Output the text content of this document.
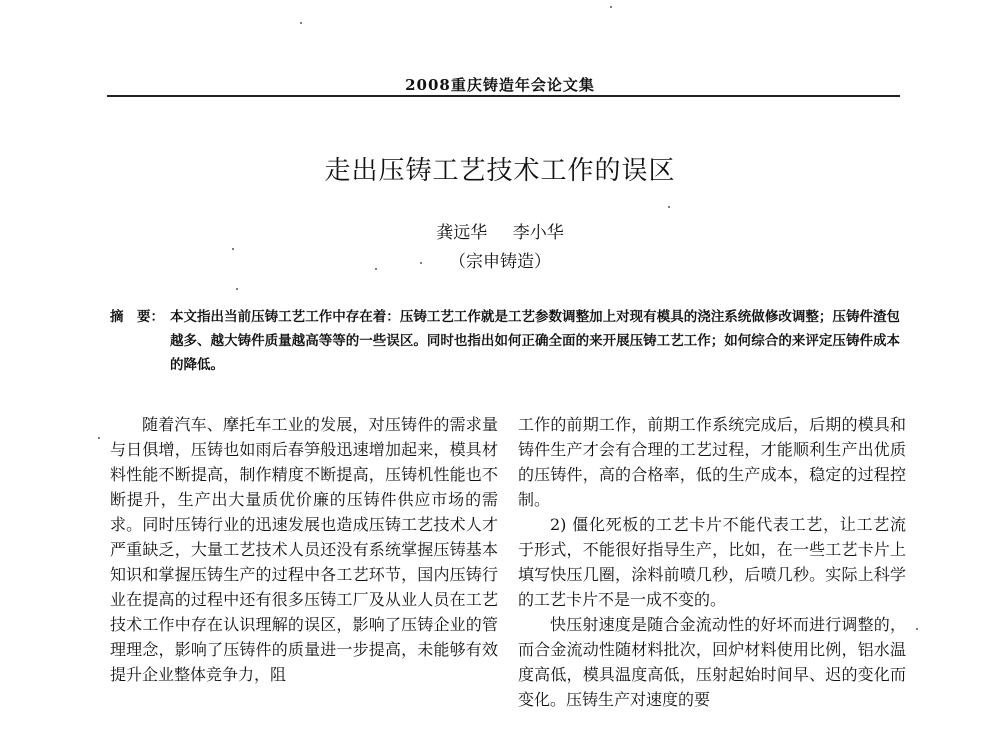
2008重庆铸造年会论文集
走出压铸工艺技术工作的误区
龚远华 李小华
（宗申铸造）
摘　要： 本文指出当前压铸工艺工作中存在着：压铸工艺工作就是工艺参数调整加上对现有模具的浇注系统做修改调整；压铸件渣包越多、越大铸件质量越高等等的一些误区。同时也指出如何正确全面的来开展压铸工艺工作；如何综合的来评定压铸件成本的降低。

随着汽车、摩托车工业的发展，对压铸件的需求量与日俱增，压铸也如雨后春笋般迅速增加起来，模具材料性能不断提高，制作精度不断提高，压铸机性能也不断提升，生产出大量质优价廉的压铸件供应市场的需求。同时压铸行业的迅速发展也造成压铸工艺技术人才严重缺乏，大量工艺技术人员还没有系统掌握压铸基本知识和掌握压铸生产的过程中各工艺环节，国内压铸行业在提高的过程中还有很多压铸工厂及从业人员在工艺技术工作中存在认识理解的误区，影响了压铸企业的管理理念，影响了压铸件的质量进一步提高，未能够有效提升企业整体竞争力，阻

工作的前期工作，前期工作系统完成后，后期的模具和铸件生产才会有合理的工艺过程，才能顺利生产出优质的压铸件，高的合格率，低的生产成本，稳定的过程控制。

2) 僵化死板的工艺卡片不能代表工艺，让工艺流于形式，不能很好指导生产，比如，在一些工艺卡片上填写快压几圈，涂料前喷几秒，后喷几秒。实际上科学的工艺卡片不是一成不变的。

快压射速度是随合金流动性的好坏而进行调整的，而合金流动性随材料批次，回炉材料使用比例，铝水温度高低，模具温度高低，压射起始时间早、迟的变化而变化。压铸生产对速度的要
